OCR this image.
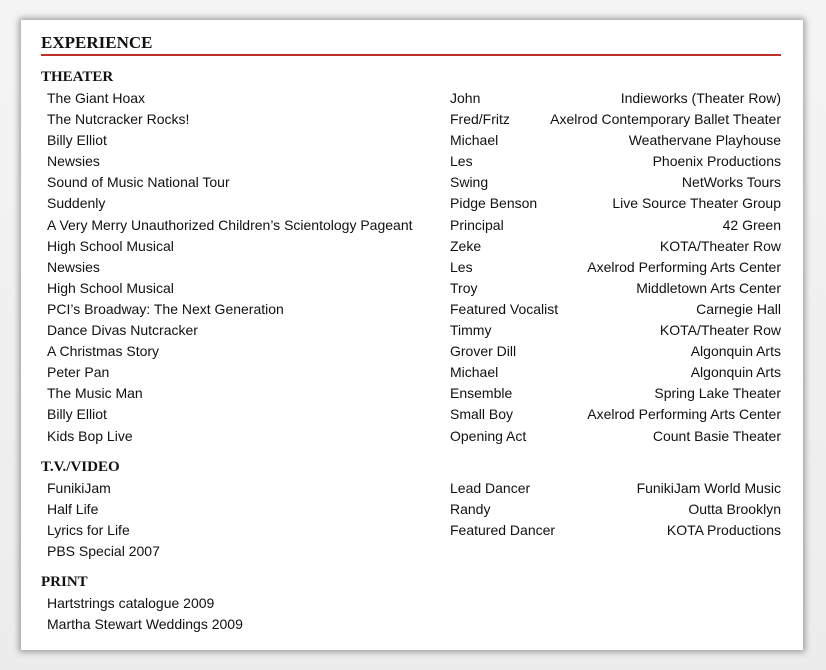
EXPERIENCE
THEATER
The Giant Hoax	John	Indieworks (Theater Row)
The Nutcracker Rocks!	Fred/Fritz	Axelrod Contemporary Ballet Theater
Billy Elliot	Michael	Weathervane Playhouse
Newsies	Les	Phoenix Productions
Sound of Music National Tour	Swing	NetWorks Tours
Suddenly	Pidge Benson	Live Source Theater Group
A Very Merry Unauthorized Children’s Scientology Pageant	Principal	42 Green
High School Musical	Zeke	KOTA/Theater Row
Newsies	Les	Axelrod Performing Arts Center
High School Musical	Troy	Middletown Arts Center
PCI’s Broadway: The Next Generation	Featured Vocalist	Carnegie Hall
Dance Divas Nutcracker	Timmy	KOTA/Theater Row
A Christmas Story	Grover Dill	Algonquin Arts
Peter Pan	Michael	Algonquin Arts
The Music Man	Ensemble	Spring Lake Theater
Billy Elliot	Small Boy	Axelrod Performing Arts Center
Kids Bop Live	Opening Act	Count Basie Theater
T.V./VIDEO
FunikiJam	Lead Dancer	FunikiJam World Music
Half Life	Randy	Outta Brooklyn
Lyrics for Life	Featured Dancer	KOTA Productions
PBS Special 2007
PRINT
Hartstrings catalogue 2009
Martha Stewart Weddings 2009
